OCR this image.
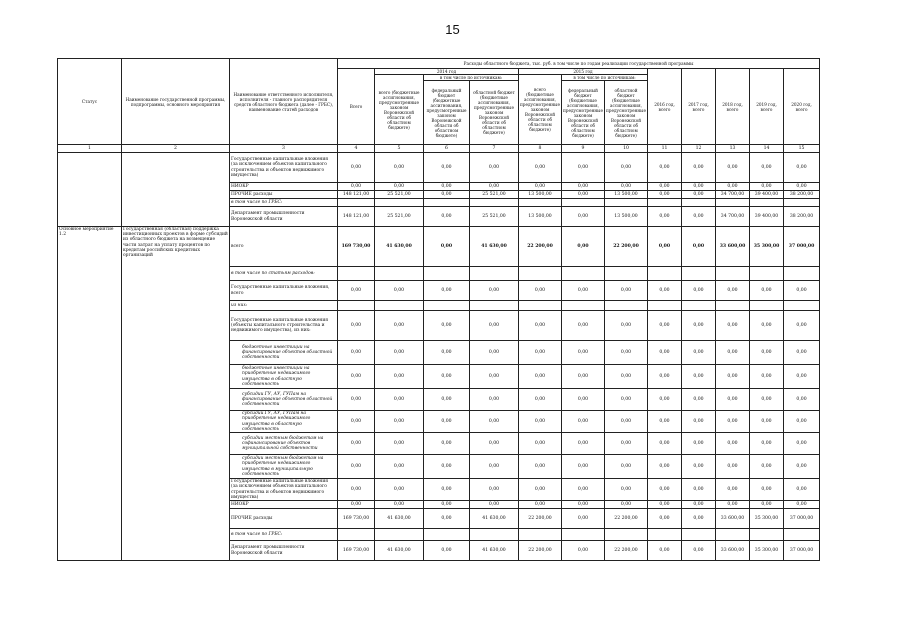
15
Статус	Наименование государственной программы, подпрограммы, основного мероприятия	Наименование ответственного исполнителя, исполнителя - главного распорядителя средств областного бюджета (далее - ГРБС), наименование статей расходов	Расходы областного бюджета, тыс. руб. в том числе по годам реализации государственной программы											
			Всего	2014 год			2015 год			2016 год, всего	2017 год, всего	2018 год, всего	2019 год, всего	2020 год, всего
				всего (бюджетные ассигнования, предусмотренные законом Воронежской области об областном бюджете)	в том числе по источникам:		всего (бюджетные ассигнования, предусмотренные законом Воронежской области об областном бюджете)	в том числе по источникам:						
					федеральный бюджет (бюджетные ассигнования, предусмотренные законом Воронежской области об областном бюджете)	областной бюджет (бюджетные ассигнования, предусмотренные законом Воронежской области об областном бюджете)		федеральный бюджет (бюджетные ассигнования, предусмотренные законом Воронежской области об областном бюджете)	областной бюджет (бюджетные ассигнования, предусмотренные законом Воронежской области об областном бюджете)					
1	2	3	4	5	6	7	8	9	10	11	12	13	14	15
		Государственные капитальные вложения (за исключением объектов капитального строительства и объектов недвижимого имущества)	0,00	0,00	0,00	0,00	0,00	0,00	0,00	0,00	0,00	0,00	0,00	0,00
		НИОКР	0,00	0,00	0,00	0,00	0,00	0,00	0,00	0,00	0,00	0,00	0,00	0,00
		ПРОЧИЕ расходы	148 121,00	25 521,00	0,00	25 521,00	13 500,00	0,00	13 500,00	0,00	0,00	34 700,00	39 400,00	38 200,00
		в том числе по ГРБС:												
		Департамент промышленности Воронежской области	148 121,00	25 521,00	0,00	25 521,00	13 500,00	0,00	13 500,00	0,00	0,00	34 700,00	39 400,00	38 200,00
Основное мероприятие 1.2	Государственная (областная) поддержка инвестиционных проектов в форме субсидий из областного бюджета на возмещение части затрат на уплату процентов по кредитам российских кредитных организаций	всего	169 730,00	41 630,00	0,00	41 630,00	22 200,00	0,00	22 200,00	0,00	0,00	33 600,00	35 300,00	37 000,00
		в том числе по статьям расходов:												
		Государственные капитальные вложения, всего	0,00	0,00	0,00	0,00	0,00	0,00	0,00	0,00	0,00	0,00	0,00	0,00
		из них:												
		Государственные капитальные вложения (объекты капитального строительства и недвижимого имущества), из них:	0,00	0,00	0,00	0,00	0,00	0,00	0,00	0,00	0,00	0,00	0,00	0,00
		бюджетные инвестиции на финансирование объектов областной собственности	0,00	0,00	0,00	0,00	0,00	0,00	0,00	0,00	0,00	0,00	0,00	0,00
		бюджетные инвестиции на приобретение недвижимого имущества в областную собственность	0,00	0,00	0,00	0,00	0,00	0,00	0,00	0,00	0,00	0,00	0,00	0,00
		субсидии ГУ, АУ, ГУПам на финансирование объектов областной собственности	0,00	0,00	0,00	0,00	0,00	0,00	0,00	0,00	0,00	0,00	0,00	0,00
		субсидии ГУ, АУ, ГУПам на приобретение недвижимого имущества в областную собственность	0,00	0,00	0,00	0,00	0,00	0,00	0,00	0,00	0,00	0,00	0,00	0,00
		субсидии местным бюджетам на софинансирование объектов муниципальной собственности	0,00	0,00	0,00	0,00	0,00	0,00	0,00	0,00	0,00	0,00	0,00	0,00
		субсидии местным бюджетам на приобретение недвижимого имущества в муниципальную собственность	0,00	0,00	0,00	0,00	0,00	0,00	0,00	0,00	0,00	0,00	0,00	0,00
		Государственные капитальные вложения (за исключением объектов капитального строительства и объектов недвижимого имущества)	0,00	0,00	0,00	0,00	0,00	0,00	0,00	0,00	0,00	0,00	0,00	0,00
		НИОКР	0,00	0,00	0,00	0,00	0,00	0,00	0,00	0,00	0,00	0,00	0,00	0,00
		ПРОЧИЕ расходы	169 730,00	41 630,00	0,00	41 630,00	22 200,00	0,00	22 200,00	0,00	0,00	33 600,00	35 300,00	37 000,00
		в том числе по ГРБС:												
		Департамент промышленности Воронежской области	169 730,00	41 630,00	0,00	41 630,00	22 200,00	0,00	22 200,00	0,00	0,00	33 600,00	35 300,00	37 000,00
